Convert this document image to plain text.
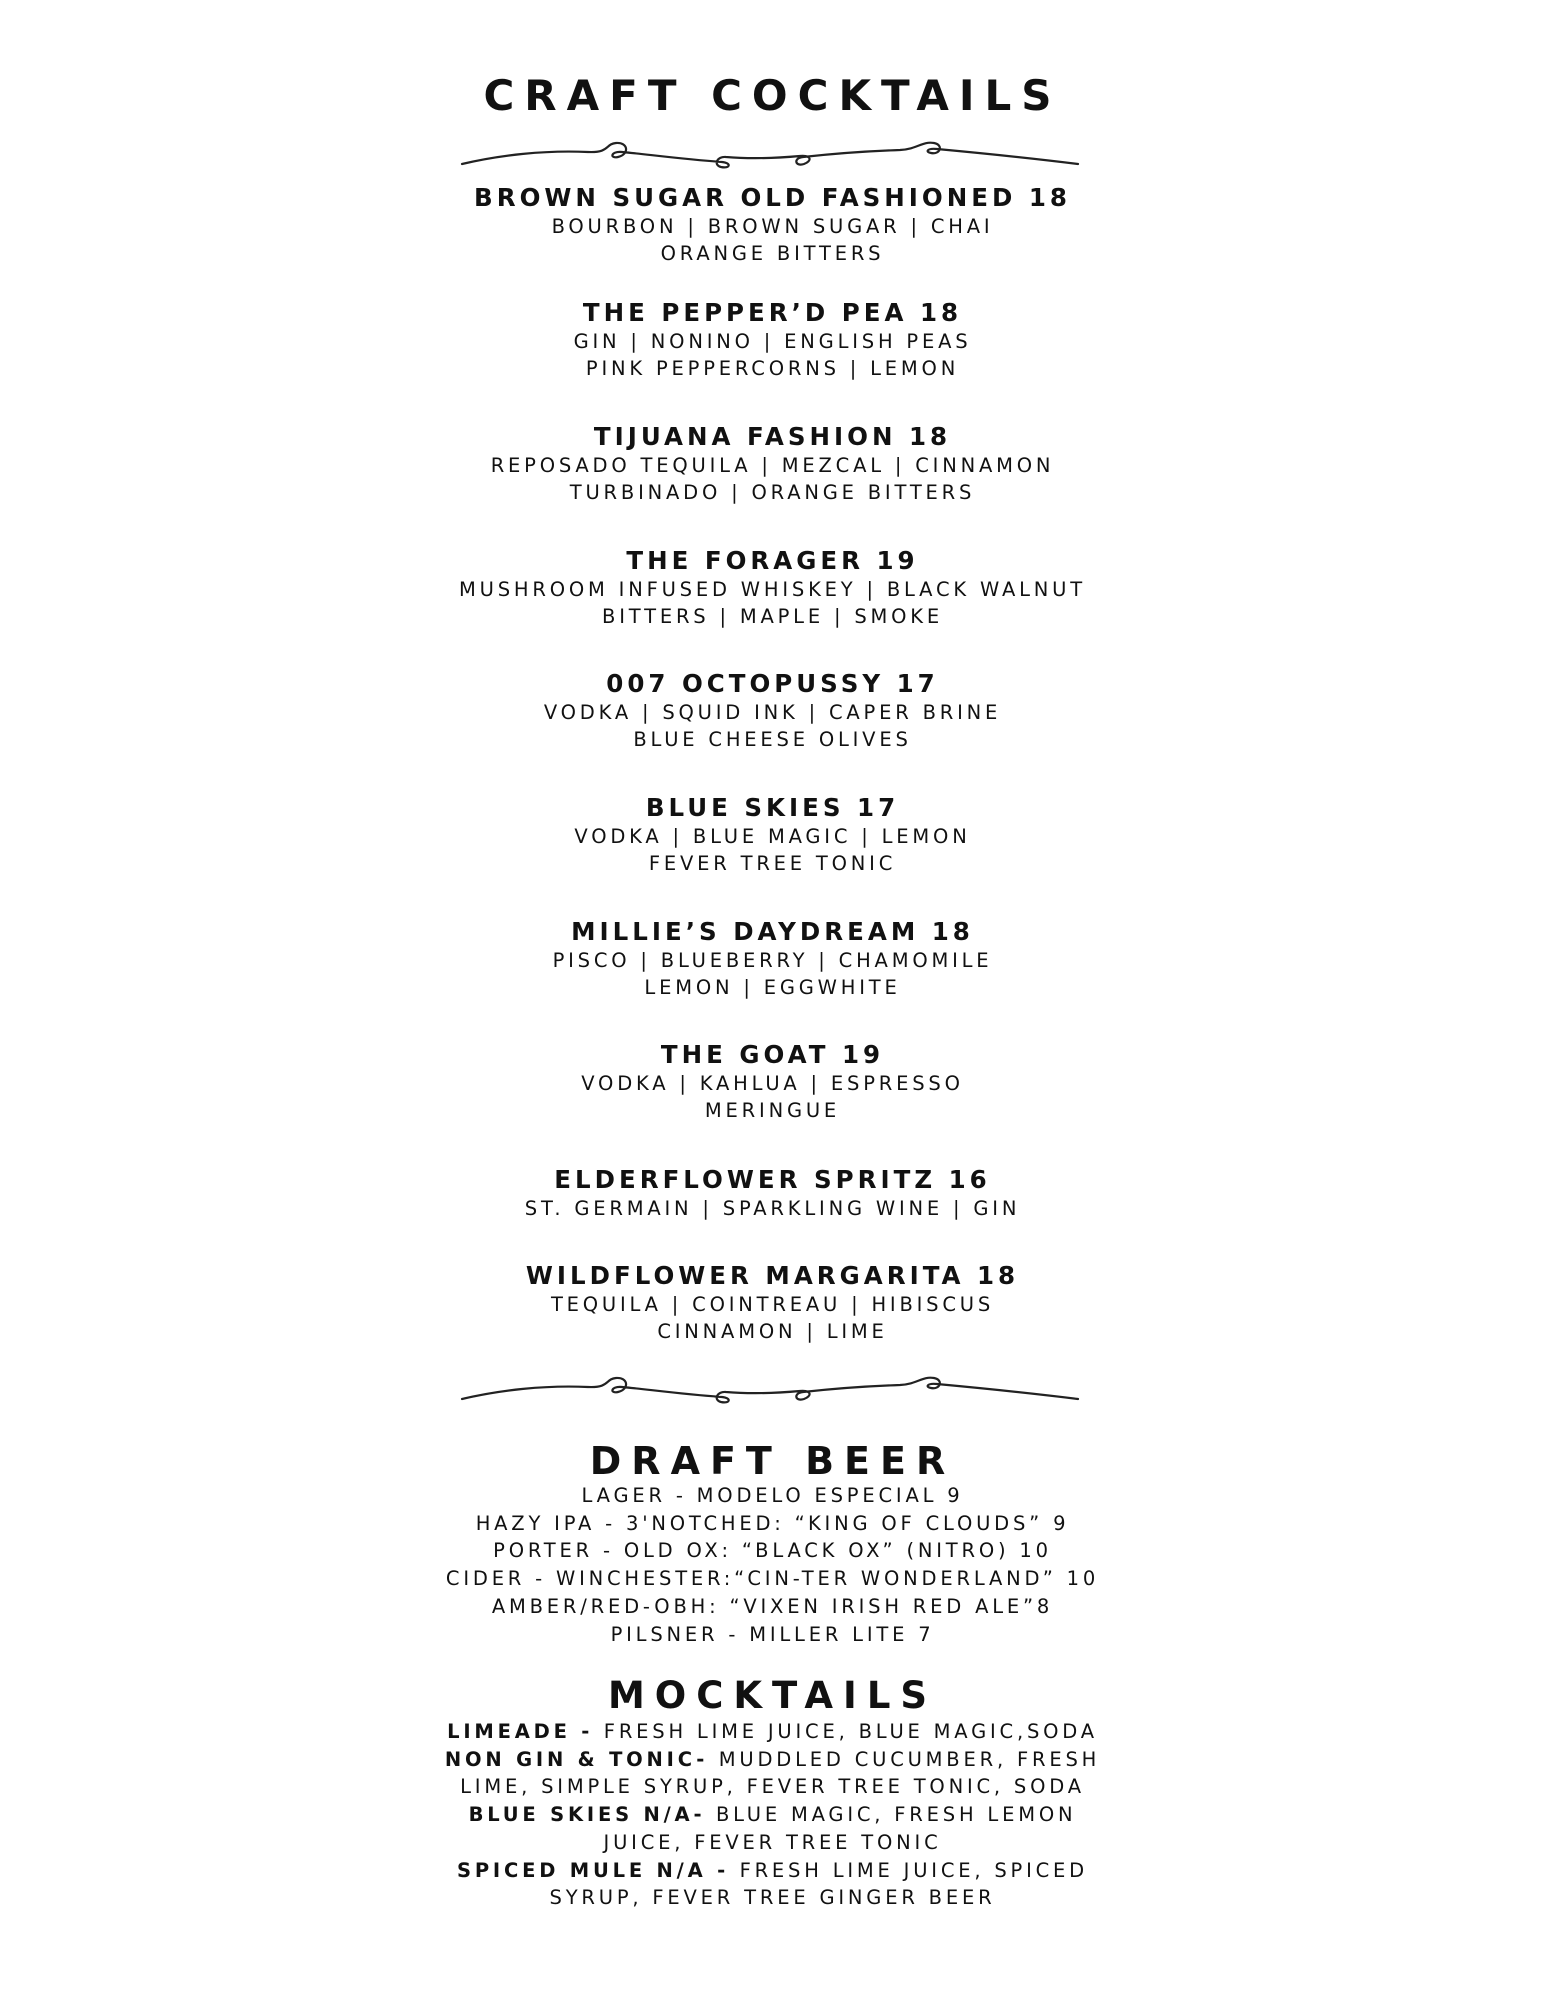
CRAFT COCKTAILS

BROWN SUGAR OLD FASHIONED 18

BOURBON | BROWN SUGAR | CHAI

ORANGE BITTERS

THE PEPPER’D PEA 18

GIN | NONINO | ENGLISH PEAS

PINK PEPPERCORNS | LEMON

TIJUANA FASHION 18

REPOSADO TEQUILA | MEZCAL | CINNAMON

TURBINADO | ORANGE BITTERS

THE FORAGER 19

MUSHROOM INFUSED WHISKEY | BLACK WALNUT

BITTERS | MAPLE | SMOKE

007 OCTOPUSSY 17

VODKA | SQUID INK | CAPER BRINE

BLUE CHEESE OLIVES

BLUE SKIES 17

VODKA | BLUE MAGIC | LEMON

FEVER TREE TONIC

MILLIE’S DAYDREAM 18

PISCO | BLUEBERRY | CHAMOMILE

LEMON | EGGWHITE

THE GOAT 19

VODKA | KAHLUA | ESPRESSO

MERINGUE

ELDERFLOWER SPRITZ 16

ST. GERMAIN | SPARKLING WINE | GIN

WILDFLOWER MARGARITA 18

TEQUILA | COINTREAU | HIBISCUS

CINNAMON | LIME

DRAFT BEER

LAGER - MODELO ESPECIAL 9

HAZY IPA - 3'NOTCHED: “KING OF CLOUDS” 9

PORTER - OLD OX: “BLACK OX” (NITRO) 10

CIDER - WINCHESTER:“CIN-TER WONDERLAND” 10

AMBER/RED-OBH: “VIXEN IRISH RED ALE”8

PILSNER - MILLER LITE 7

MOCKTAILS

LIMEADE - FRESH LIME JUICE, BLUE MAGIC,SODA

NON GIN & TONIC- MUDDLED CUCUMBER, FRESH

LIME, SIMPLE SYRUP, FEVER TREE TONIC, SODA

BLUE SKIES N/A- BLUE MAGIC, FRESH LEMON

JUICE, FEVER TREE TONIC

SPICED MULE N/A - FRESH LIME JUICE, SPICED

SYRUP, FEVER TREE GINGER BEER
